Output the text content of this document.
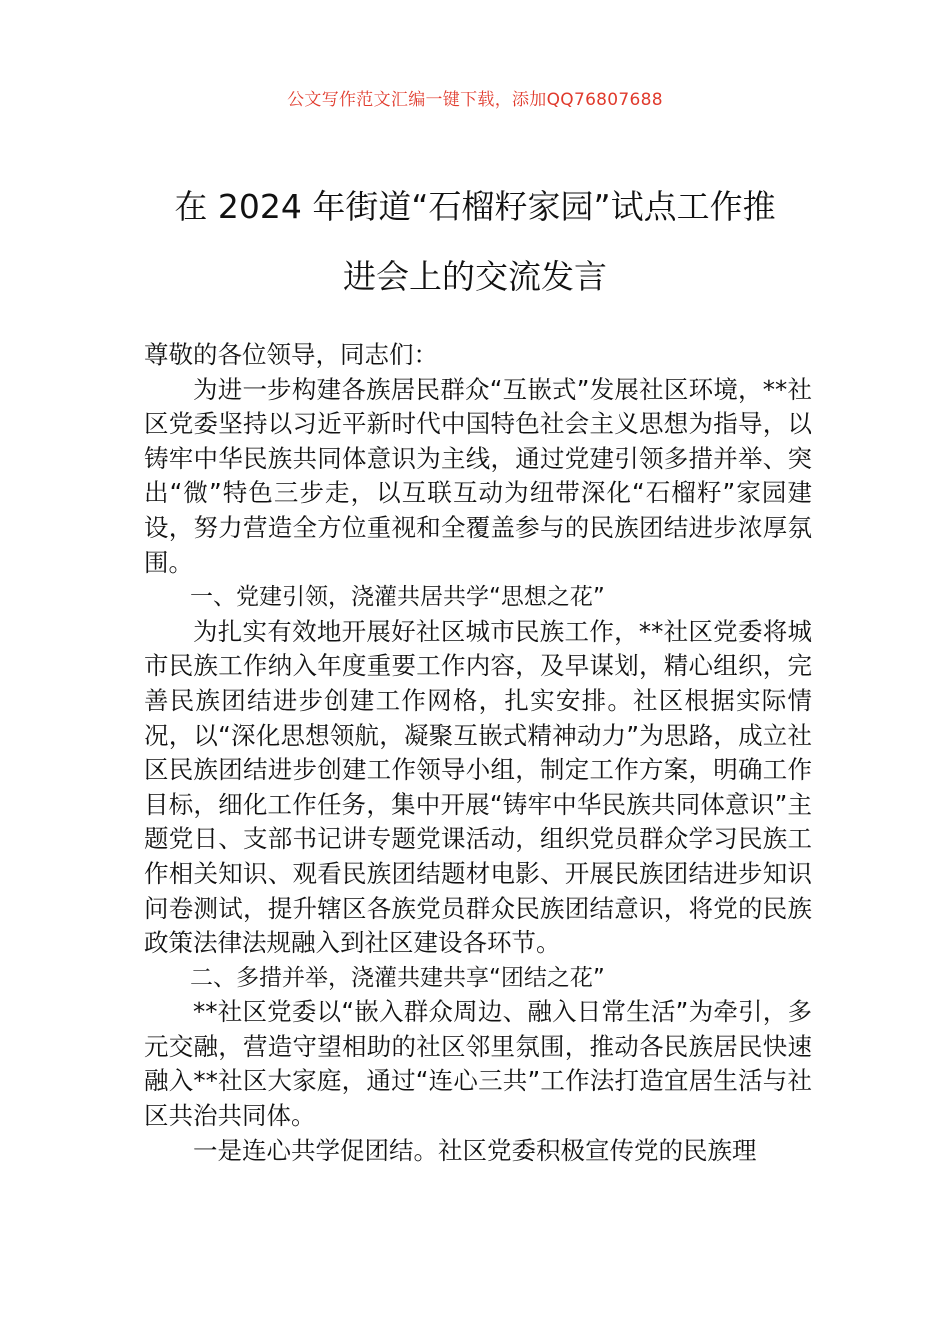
公文写作范文汇编一键下载，添加QQ76807688
在 2024 年街道“石榴籽家园”试点工作推
进会上的交流发言

尊敬的各位领导，同志们：

为进一步构建各族居民群众“互嵌式”发展社区环境，**社区党委坚持以习近平新时代中国特色社会主义思想为指导，以铸牢中华民族共同体意识为主线，通过党建引领多措并举、突出“微”特色三步走，以互联互动为纽带深化“石榴籽”家园建设，努力营造全方位重视和全覆盖参与的民族团结进步浓厚氛围。

一、党建引领，浇灌共居共学“思想之花”

为扎实有效地开展好社区城市民族工作，**社区党委将城市民族工作纳入年度重要工作内容，及早谋划，精心组织，完善民族团结进步创建工作网格，扎实安排。社区根据实际情况，以“深化思想领航，凝聚互嵌式精神动力”为思路，成立社区民族团结进步创建工作领导小组，制定工作方案，明确工作目标，细化工作任务，集中开展“铸牢中华民族共同体意识”主题党日、支部书记讲专题党课活动，组织党员群众学习民族工作相关知识、观看民族团结题材电影、开展民族团结进步知识问卷测试，提升辖区各族党员群众民族团结意识，将党的民族政策法律法规融入到社区建设各环节。

二、多措并举，浇灌共建共享“团结之花”

**社区党委以“嵌入群众周边、融入日常生活”为牵引，多元交融，营造守望相助的社区邻里氛围，推动各民族居民快速融入**社区大家庭，通过“连心三共”工作法打造宜居生活与社区共治共同体。

一是连心共学促团结。社区党委积极宣传党的民族理
